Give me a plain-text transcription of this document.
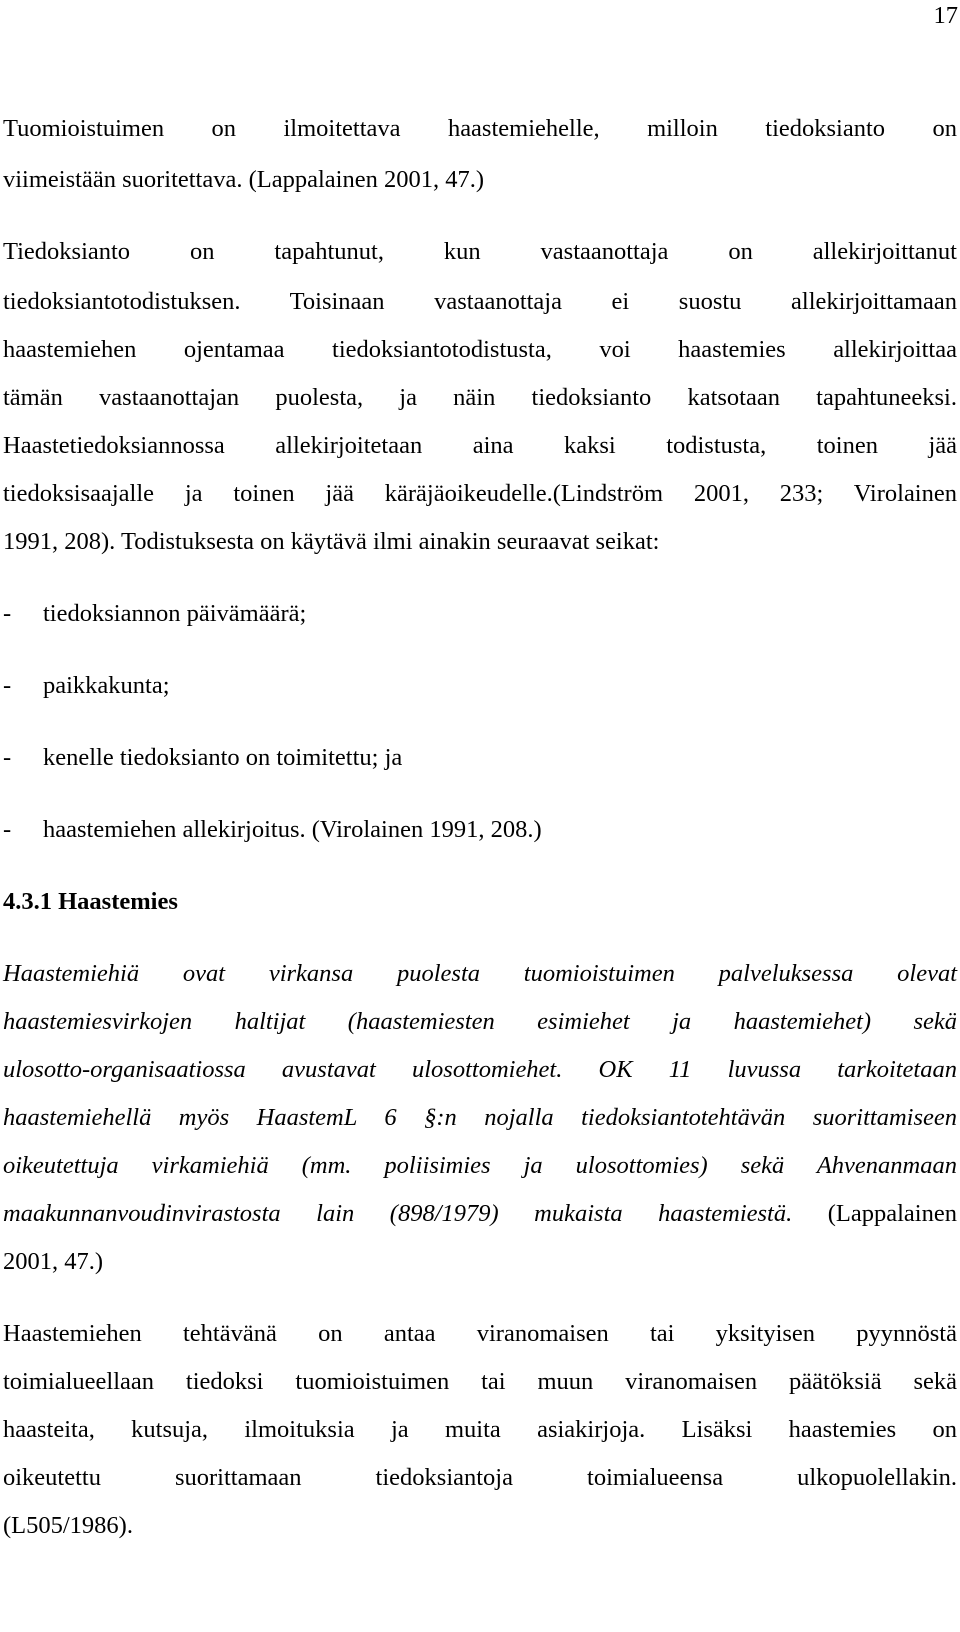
17
Tuomioistuimen on ilmoitettava haastemiehelle, milloin tiedoksianto on
viimeistään suoritettava. (Lappalainen 2001, 47.)
Tiedoksianto on tapahtunut, kun vastaanottaja on allekirjoittanut
tiedoksiantotodistuksen. Toisinaan vastaanottaja ei suostu allekirjoittamaan
haastemiehen ojentamaa tiedoksiantotodistusta, voi haastemies allekirjoittaa
tämän vastaanottajan puolesta, ja näin tiedoksianto katsotaan tapahtuneeksi.
Haastetiedoksiannossa allekirjoitetaan aina kaksi todistusta, toinen jää
tiedoksisaajalle ja toinen jää käräjäoikeudelle.(Lindström 2001, 233; Virolainen
1991, 208). Todistuksesta on käytävä ilmi ainakin seuraavat seikat:
- tiedoksiannon päivämäärä;
- paikkakunta;
- kenelle tiedoksianto on toimitettu; ja
- haastemiehen allekirjoitus. (Virolainen 1991, 208.)
4.3.1 Haastemies
Haastemiehiä ovat virkansa puolesta tuomioistuimen palveluksessa olevat
haastemiesvirkojen haltijat (haastemiesten esimiehet ja haastemiehet) sekä
ulosotto-organisaatiossa avustavat ulosottomiehet. OK 11 luvussa tarkoitetaan
haastemiehellä myös HaastemL 6 §:n nojalla tiedoksiantotehtävän suorittamiseen
oikeutettuja virkamiehiä (mm. poliisimies ja ulosottomies) sekä Ahvenanmaan
maakunnanvoudinvirastosta lain (898/1979) mukaista haastemiestä. (Lappalainen
2001, 47.)
Haastemiehen tehtävänä on antaa viranomaisen tai yksityisen pyynnöstä
toimialueellaan tiedoksi tuomioistuimen tai muun viranomaisen päätöksiä sekä
haasteita, kutsuja, ilmoituksia ja muita asiakirjoja. Lisäksi haastemies on
oikeutettu suorittamaan tiedoksiantoja toimialueensa ulkopuolellakin.
(L505/1986).
